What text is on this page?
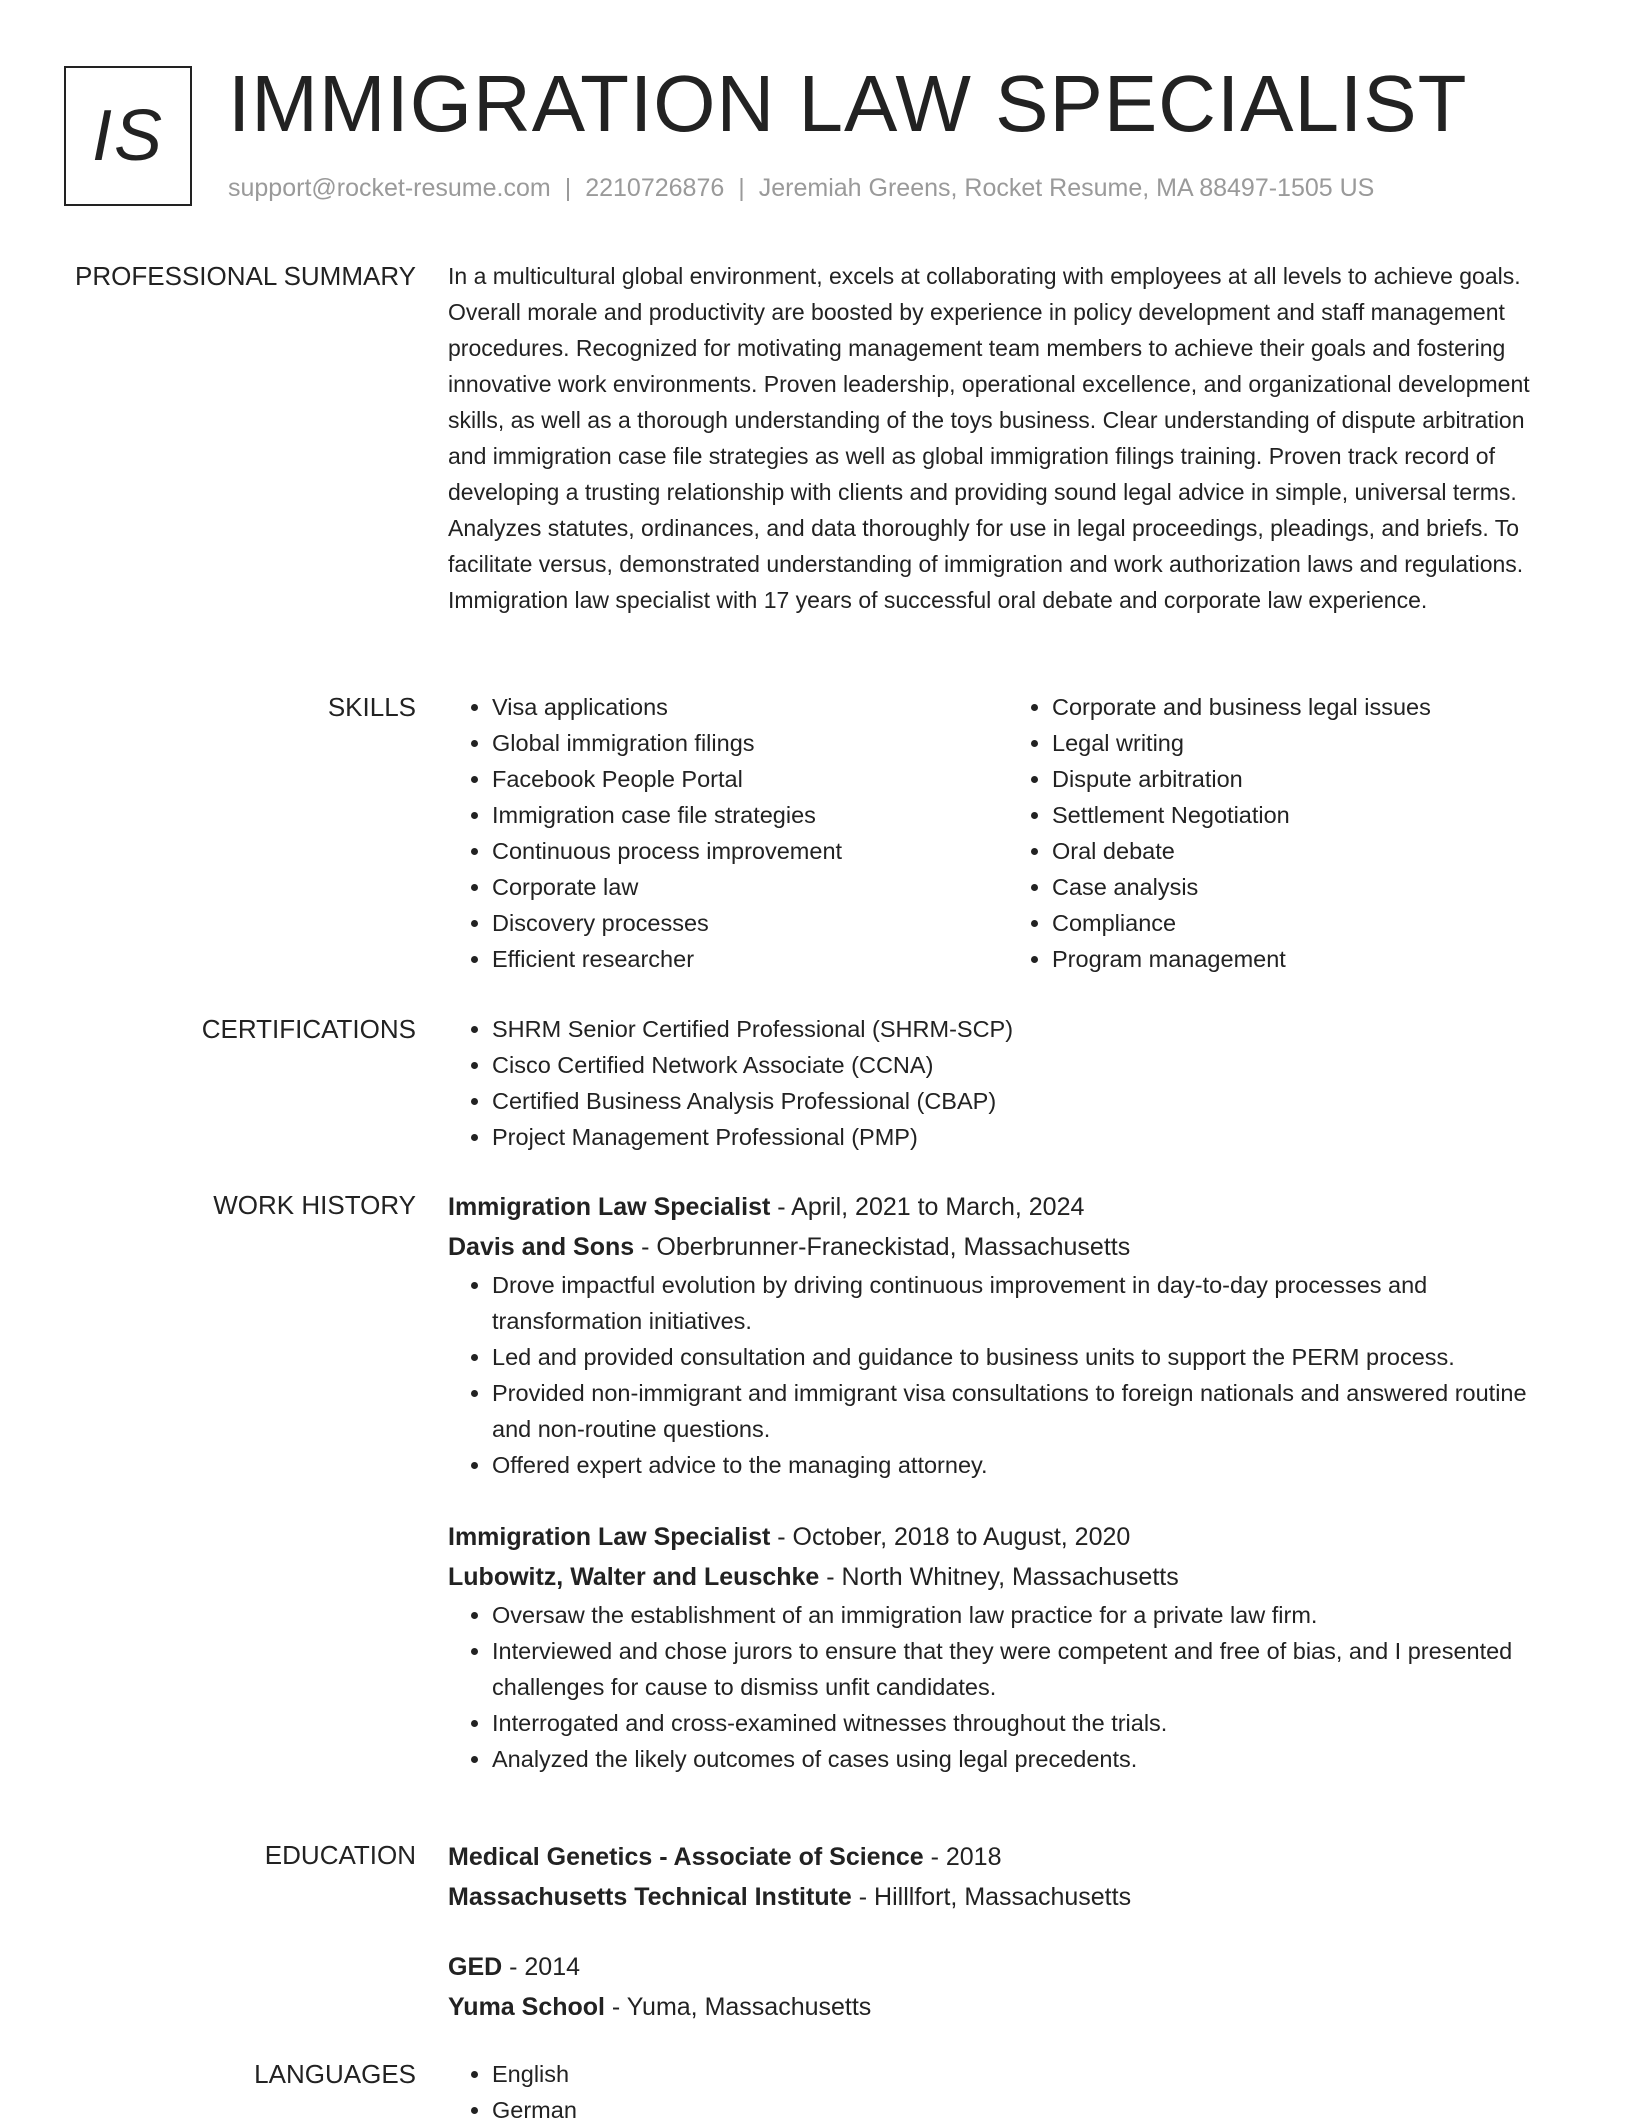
IS IMMIGRATION LAW SPECIALIST
support@rocket-resume.com | 2210726876 | Jeremiah Greens, Rocket Resume, MA 88497-1505 US
PROFESSIONAL SUMMARY In a multicultural global environment, excels at collaborating with employees at all levels to achieve goals. Overall morale and productivity are boosted by experience in policy development and staff management procedures. Recognized for motivating management team members to achieve their goals and fostering innovative work environments. Proven leadership, operational excellence, and organizational development skills, as well as a thorough understanding of the toys business. Clear understanding of dispute arbitration and immigration case file strategies as well as global immigration filings training. Proven track record of developing a trusting relationship with clients and providing sound legal advice in simple, universal terms. Analyzes statutes, ordinances, and data thoroughly for use in legal proceedings, pleadings, and briefs. To facilitate versus, demonstrated understanding of immigration and work authorization laws and regulations. Immigration law specialist with 17 years of successful oral debate and corporate law experience.

SKILLS	• Visa applications
• Global immigration filings
• Facebook People Portal
• Immigration case file strategies
• Continuous process improvement
• Corporate law
• Discovery processes
• Efficient researcher
• Corporate and business legal issues
• Legal writing
• Dispute arbitration
• Settlement Negotiation
• Oral debate
• Case analysis
• Compliance
• Program management
CERTIFICATIONS	• SHRM Senior Certified Professional (SHRM-SCP)
• Cisco Certified Network Associate (CCNA)
• Certified Business Analysis Professional (CBAP)
• Project Management Professional (PMP)
WORK HISTORY Immigration Law Specialist - April, 2021 to March, 2024
Davis and Sons - Oberbrunner-Franeckistad, Massachusetts
• Drove impactful evolution by driving continuous improvement in day-to-day processes and transformation initiatives.
• Led and provided consultation and guidance to business units to support the PERM process.
• Provided non-immigrant and immigrant visa consultations to foreign nationals and answered routine and non-routine questions.
• Offered expert advice to the managing attorney.
Immigration Law Specialist - October, 2018 to August, 2020
Lubowitz, Walter and Leuschke - North Whitney, Massachusetts
• Oversaw the establishment of an immigration law practice for a private law firm.
• Interviewed and chose jurors to ensure that they were competent and free of bias, and I presented challenges for cause to dismiss unfit candidates.
• Interrogated and cross-examined witnesses throughout the trials.
• Analyzed the likely outcomes of cases using legal precedents.
EDUCATION Medical Genetics - Associate of Science - 2018
Massachusetts Technical Institute - Hilllfort, Massachusetts
GED - 2014
Yuma School - Yuma, Massachusetts
LANGUAGES	• English
• German
